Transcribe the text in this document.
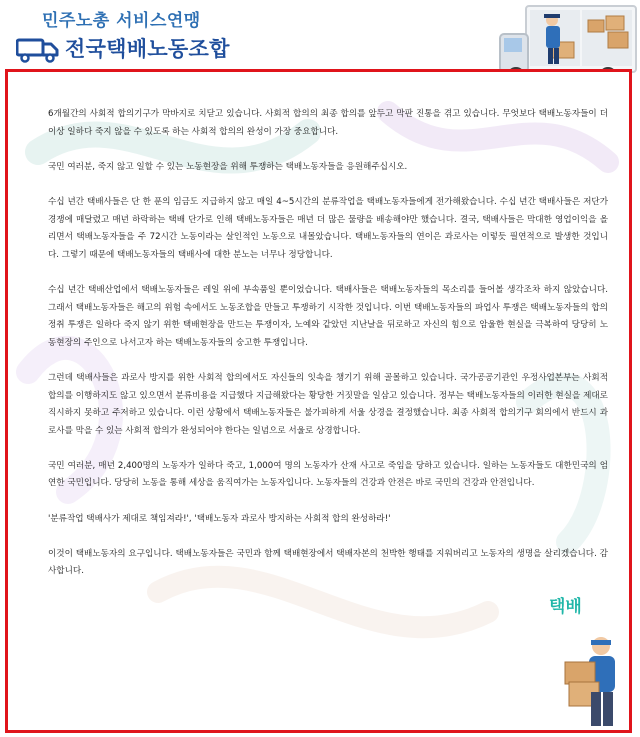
민주노총 서비스연맹
전국택배노동조합

6개월간의 사회적 합의기구가 막바지로 치닫고 있습니다. 사회적 합의의 최종 합의를 앞두고 막판 진통을 겪고 있습니다. 무엇보다 택배노동자들이 더 이상 일하다 죽지 않을 수 있도록 하는 사회적 합의의 완성이 가장 중요합니다.

국민 여러분, 죽지 않고 일할 수 있는 노동현장을 위해 투쟁하는 택배노동자들을 응원해주십시오.

수십 년간 택배사들은 단 한 푼의 임금도 지급하지 않고 매일 4~5시간의 분류작업을 택배노동자들에게 전가해왔습니다. 수십 년간 택배사들은 저단가 경쟁에 매달렸고 매년 하락하는 택배 단가로 인해 택배노동자들은 매년 더 많은 물량을 배송해야만 했습니다. 결국, 택배사들은 막대한 영업이익을 올리면서 택배노동자들을 주 72시간 노동이라는 살인적인 노동으로 내몰았습니다. 택배노동자들의 연이은 과로사는 이렇듯 필연적으로 발생한 것입니다. 그렇기 때문에 택배노동자들의 택배사에 대한 분노는 너무나 정당합니다.

수십 년간 택배산업에서 택배노동자들은 레일 위에 부속품일 뿐이었습니다. 택배사들은 택배노동자들의 목소리를 들어볼 생각조차 하지 않았습니다. 그래서 택배노동자들은 해고의 위험 속에서도 노동조합을 만들고 투쟁하기 시작한 것입니다. 이번 택배노동자들의 파업사 투쟁은 택배노동자들의 합의 정취 투쟁은 일하다 죽지 않기 위한 택배현장을 만드는 투쟁이자, 노예와 같았던 지난날을 뒤로하고 자신의 힘으로 암울한 현실을 극복하여 당당히 노동현장의 주인으로 나서고자 하는 택배노동자들의 숭고한 투쟁입니다.

그런데 택배사들은 과로사 방지를 위한 사회적 합의에서도 자신들의 잇속을 챙기기 위해 골몰하고 있습니다. 국가공공기관인 우정사업본부는 사회적 합의를 이행하지도 않고 있으면서 분류비용을 지급했다 지급해왔다는 황당한 거짓말을 일삼고 있습니다. 정부는 택배노동자들의 이러한 현실을 제대로 직시하지 못하고 주저하고 있습니다. 이런 상황에서 택배노동자들은 불가피하게 서울 상경을 결정했습니다. 최종 사회적 합의기구 회의에서 반드시 과로사를 막을 수 있는 사회적 합의가 완성되어야 한다는 일념으로 서울로 상경합니다.

국민 여러분, 매년 2,400명의 노동자가 일하다 죽고, 1,000여 명의 노동자가 산재 사고로 죽임을 당하고 있습니다. 일하는 노동자들도 대한민국의 엄연한 국민입니다. 당당히 노동을 통해 세상을 움직여가는 노동자입니다. 노동자들의 건강과 안전은 바로 국민의 건강과 안전입니다.

'분류작업 택배사가 제대로 책임져라!', '택배노동자 과로사 방지하는 사회적 합의 완성하라!'

이것이 택배노동자의 요구입니다. 택배노동자들은 국민과 함께 택배현장에서 택배자본의 천박한 행태를 지워버리고 노동자의 생명을 살리겠습니다. 감사합니다.

택배
